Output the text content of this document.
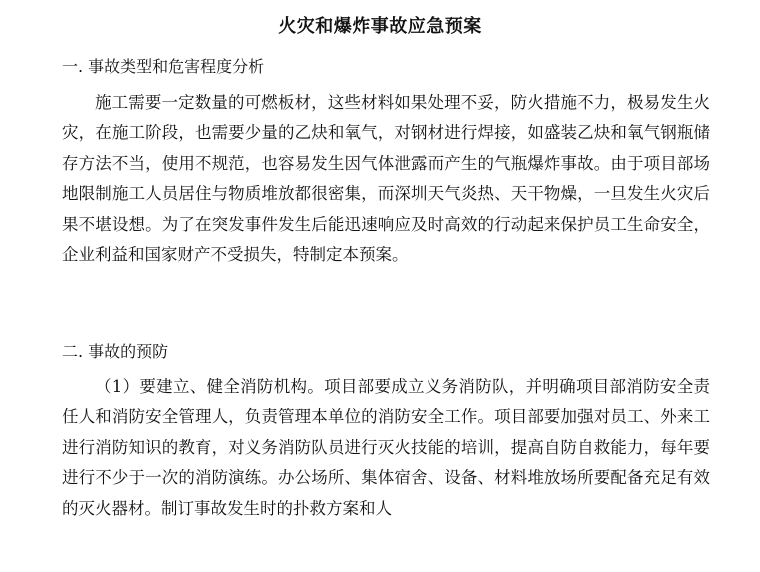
火灾和爆炸事故应急预案
一. 事故类型和危害程度分析

施工需要一定数量的可燃板材，这些材料如果处理不妥，防火措施不力，极易发生火灾，在施工阶段，也需要少量的乙炔和氧气，对钢材进行焊接，如盛装乙炔和氧气钢瓶储存方法不当，使用不规范，也容易发生因气体泄露而产生的气瓶爆炸事故。由于项目部场地限制施工人员居住与物质堆放都很密集，而深圳天气炎热、天干物燥，一旦发生火灾后果不堪设想。为了在突发事件发生后能迅速响应及时高效的行动起来保护员工生命安全，企业利益和国家财产不受损失，特制定本预案。

二. 事故的预防

（1）要建立、健全消防机构。项目部要成立义务消防队，并明确项目部消防安全责任人和消防安全管理人，负责管理本单位的消防安全工作。项目部要加强对员工、外来工进行消防知识的教育，对义务消防队员进行灭火技能的培训，提高自防自救能力，每年要进行不少于一次的消防演练。办公场所、集体宿舍、设备、材料堆放场所要配备充足有效的灭火器材。制订事故发生时的扑救方案和人
